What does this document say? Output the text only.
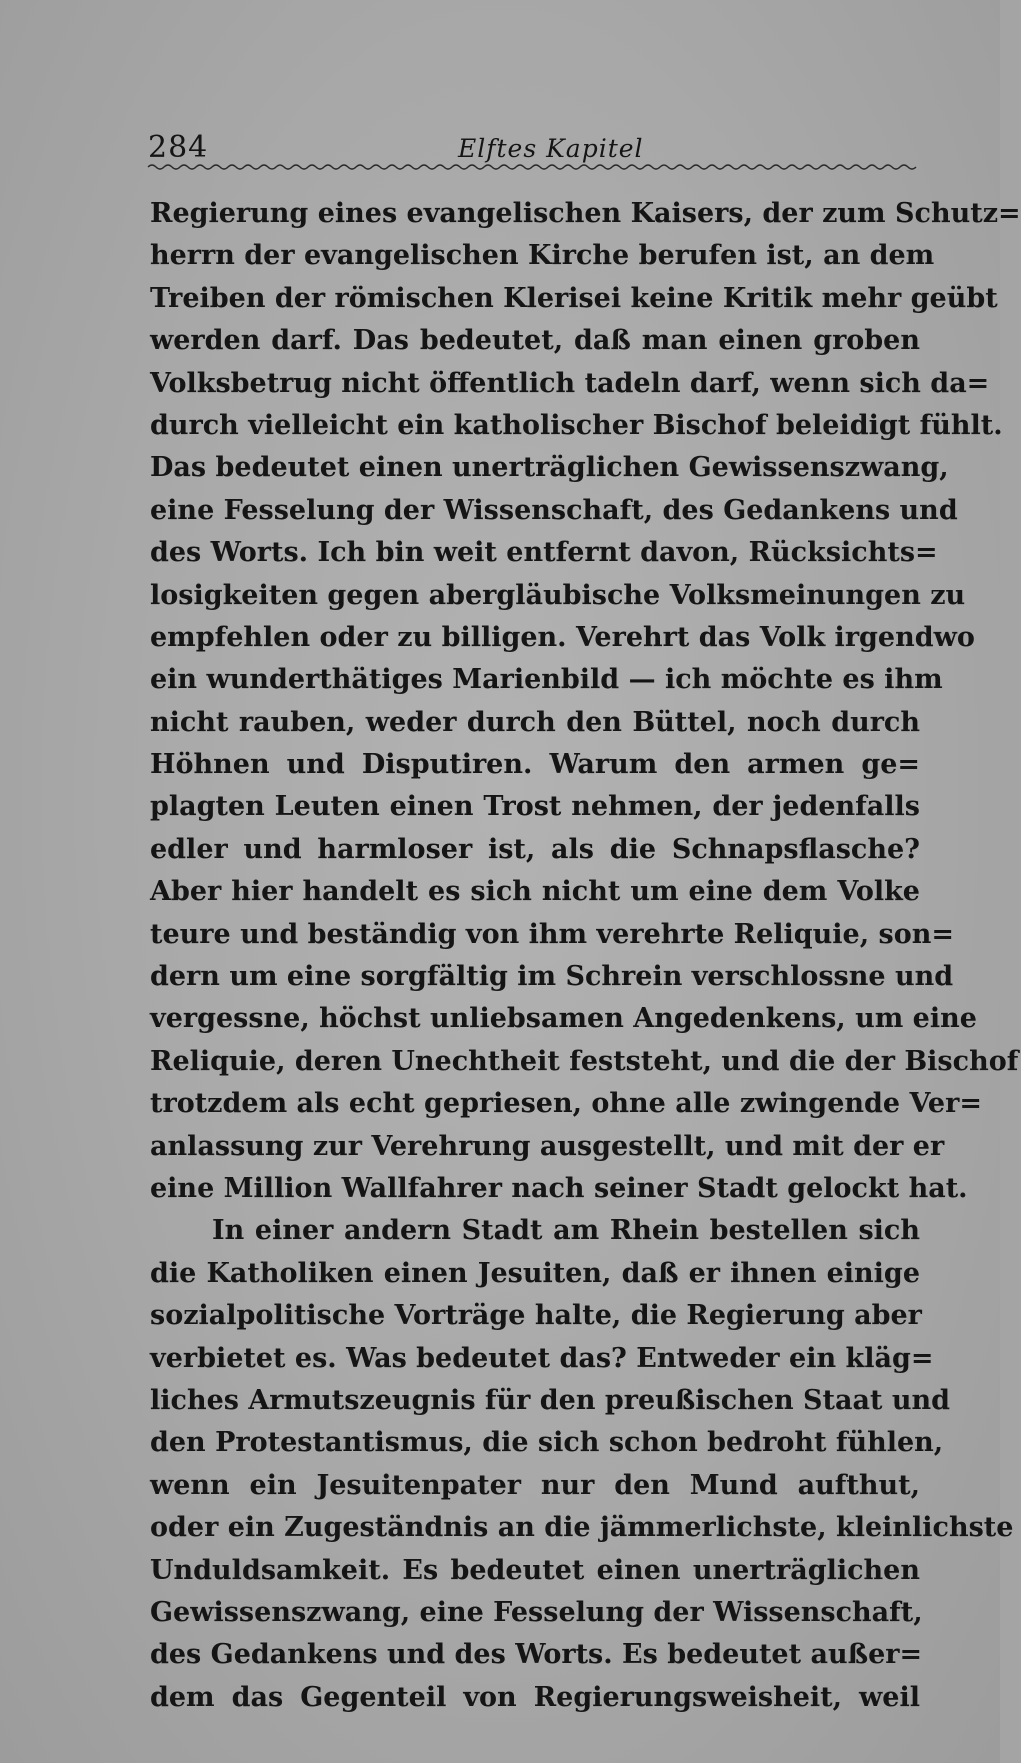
284	Elftes Kapitel
Regierung eines evangelischen Kaisers, der zum Schutz=
herrn der evangelischen Kirche berufen ist, an dem
Treiben der römischen Klerisei keine Kritik mehr geübt
werden darf. Das bedeutet, daß man einen groben
Volksbetrug nicht öffentlich tadeln darf, wenn sich da=
durch vielleicht ein katholischer Bischof beleidigt fühlt.
Das bedeutet einen unerträglichen Gewissenszwang,
eine Fesselung der Wissenschaft, des Gedankens und
des Worts. Ich bin weit entfernt davon, Rücksichts=
losigkeiten gegen abergläubische Volksmeinungen zu
empfehlen oder zu billigen. Verehrt das Volk irgendwo
ein wunderthätiges Marienbild — ich möchte es ihm
nicht rauben, weder durch den Büttel, noch durch
Höhnen und Disputiren. Warum den armen ge=
plagten Leuten einen Trost nehmen, der jedenfalls
edler und harmloser ist, als die Schnapsflasche?
Aber hier handelt es sich nicht um eine dem Volke
teure und beständig von ihm verehrte Reliquie, son=
dern um eine sorgfältig im Schrein verschlossne und
vergessne, höchst unliebsamen Angedenkens, um eine
Reliquie, deren Unechtheit feststeht, und die der Bischof
trotzdem als echt gepriesen, ohne alle zwingende Ver=
anlassung zur Verehrung ausgestellt, und mit der er
eine Million Wallfahrer nach seiner Stadt gelockt hat.
In einer andern Stadt am Rhein bestellen sich
die Katholiken einen Jesuiten, daß er ihnen einige
sozialpolitische Vorträge halte, die Regierung aber
verbietet es. Was bedeutet das? Entweder ein kläg=
liches Armutszeugnis für den preußischen Staat und
den Protestantismus, die sich schon bedroht fühlen,
wenn ein Jesuitenpater nur den Mund aufthut,
oder ein Zugeständnis an die jämmerlichste, kleinlichste
Unduldsamkeit. Es bedeutet einen unerträglichen
Gewissenszwang, eine Fesselung der Wissenschaft,
des Gedankens und des Worts. Es bedeutet außer=
dem das Gegenteil von Regierungsweisheit, weil
